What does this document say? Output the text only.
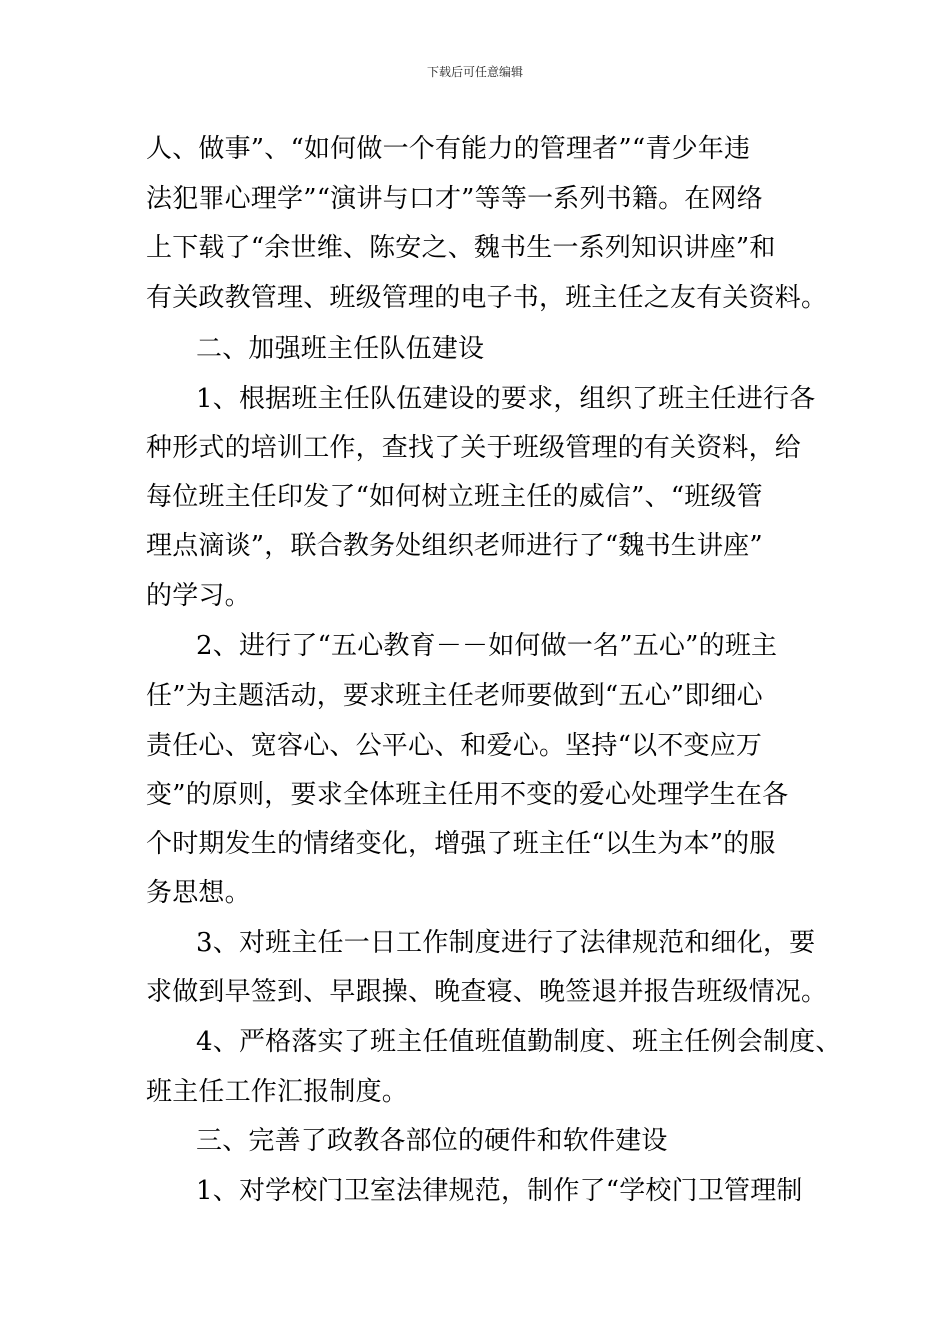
下载后可任意编辑
人、做事”、“如何做一个有能力的管理者”“青少年违
法犯罪心理学”“演讲与口才”等等一系列书籍。在网络
上下载了“余世维、陈安之、魏书生一系列知识讲座”和
有关政教管理、班级管理的电子书，班主任之友有关资料。
二、加强班主任队伍建设
1、根据班主任队伍建设的要求，组织了班主任进行各
种形式的培训工作，查找了关于班级管理的有关资料，给
每位班主任印发了“如何树立班主任的威信”、“班级管
理点滴谈”，联合教务处组织老师进行了“魏书生讲座”
的学习。
2、进行了“五心教育－－如何做一名”五心”的班主
任”为主题活动，要求班主任老师要做到“五心”即细心
责任心、宽容心、公平心、和爱心。坚持“以不变应万
变”的原则，要求全体班主任用不变的爱心处理学生在各
个时期发生的情绪变化，增强了班主任“以生为本”的服
务思想。
3、对班主任一日工作制度进行了法律规范和细化，要
求做到早签到、早跟操、晚查寝、晚签退并报告班级情况。
4、严格落实了班主任值班值勤制度、班主任例会制度、
班主任工作汇报制度。
三、完善了政教各部位的硬件和软件建设
1、对学校门卫室法律规范，制作了“学校门卫管理制
